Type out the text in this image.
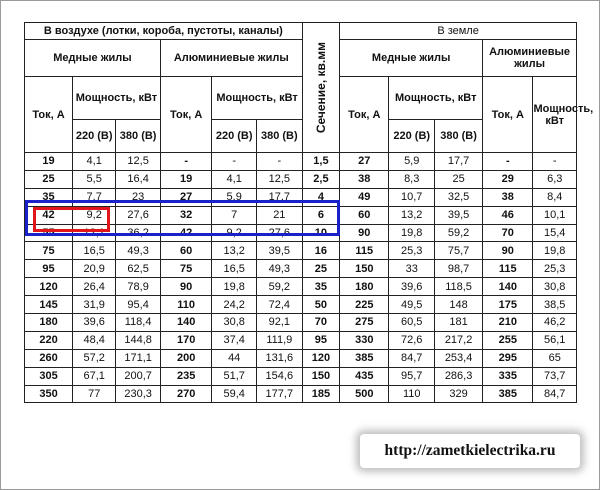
В воздухе (лотки, короба, пустоты, каналы)						Сечение, кв.мм	В земле				
Медные жилы			Алюминиевые жилы				Медные жилы			Алюминиевые жилы	
Ток, А	Мощность, кВт		Ток, А	Мощность, кВт			Ток, А	Мощность, кВт		Ток, А	Мощность, кВт
	220 (В)	380 (В)		220 (В)	380 (В)			220 (В)	380 (В)		
19	4,1	12,5	-	-	-	1,5	27	5,9	17,7	-	-
25	5,5	16,4	19	4,1	12,5	2,5	38	8,3	25	29	6,3
35	7,7	23	27	5,9	17,7	4	49	10,7	32,5	38	8,4
42	9,2	27,6	32	7	21	6	60	13,2	39,5	46	10,1
55	12,1	36,2	42	9,2	27,6	10	90	19,8	59,2	70	15,4
75	16,5	49,3	60	13,2	39,5	16	115	25,3	75,7	90	19,8
95	20,9	62,5	75	16,5	49,3	25	150	33	98,7	115	25,3
120	26,4	78,9	90	19,8	59,2	35	180	39,6	118,5	140	30,8
145	31,9	95,4	110	24,2	72,4	50	225	49,5	148	175	38,5
180	39,6	118,4	140	30,8	92,1	70	275	60,5	181	210	46,2
220	48,4	144,8	170	37,4	111,9	95	330	72,6	217,2	255	56,1
260	57,2	171,1	200	44	131,6	120	385	84,7	253,4	295	65
305	67,1	200,7	235	51,7	154,6	150	435	95,7	286,3	335	73,7
350	77	230,3	270	59,4	177,7	185	500	110	329	385	84,7
http://zametkielectrika.ru
